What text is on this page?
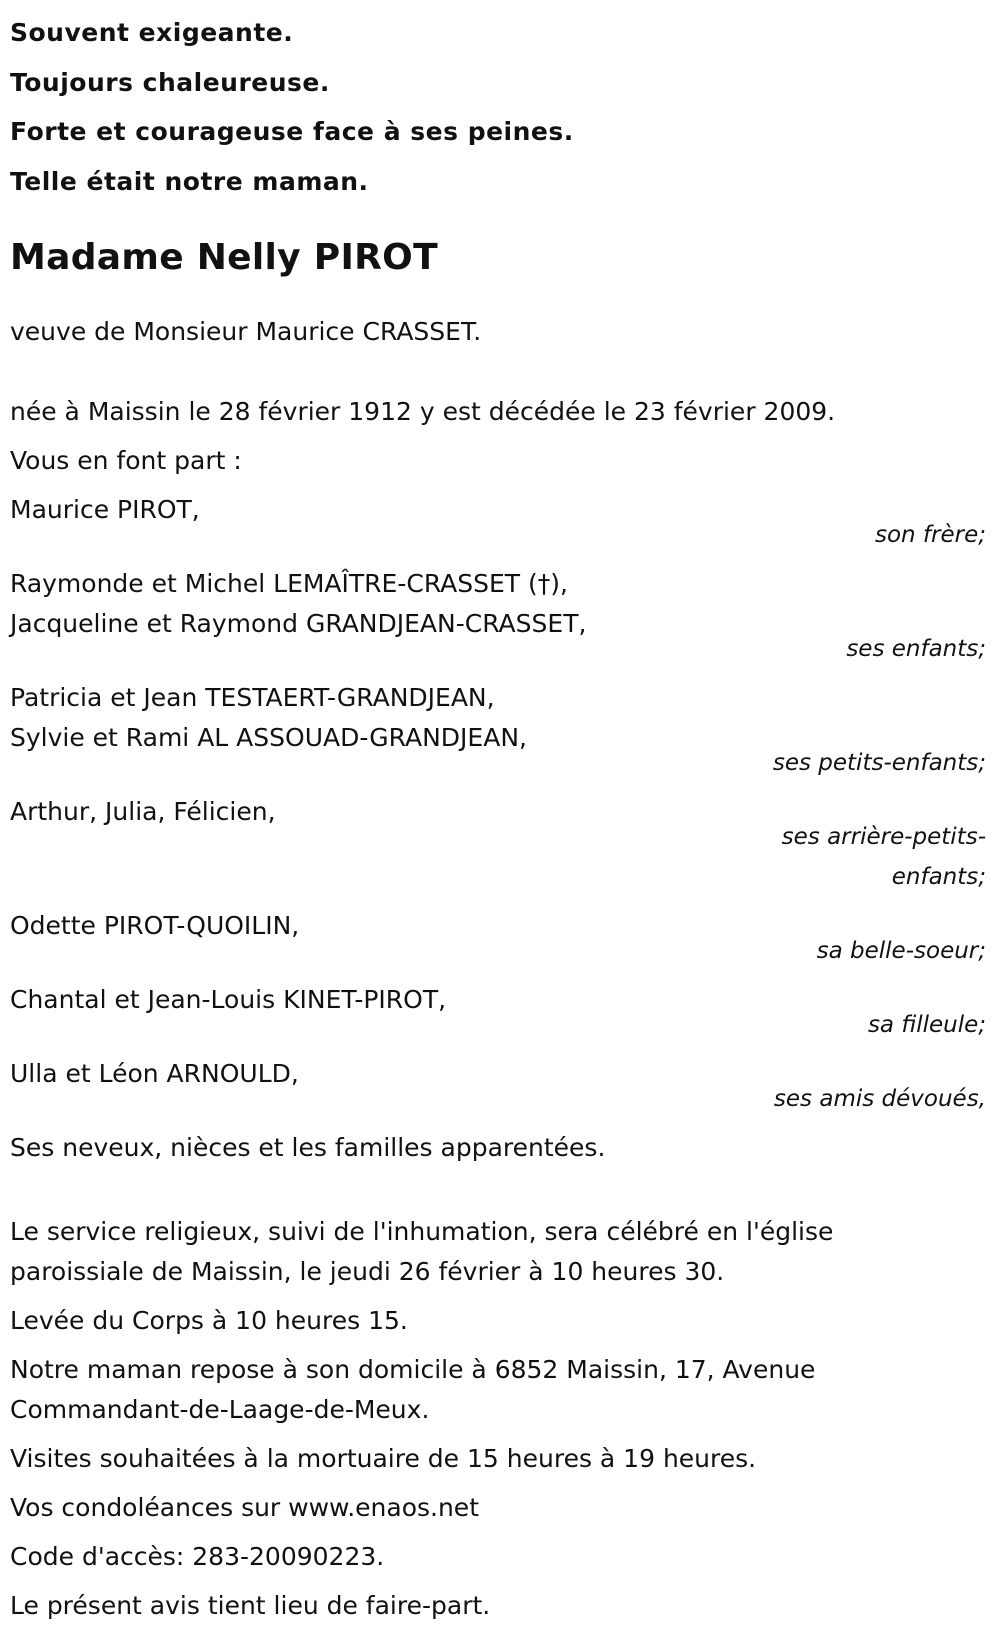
Souvent exigeante.

Toujours chaleureuse.

Forte et courageuse face à ses peines.

Telle était notre maman.

Madame Nelly PIROT

veuve de Monsieur Maurice CRASSET.

née à Maissin le 28 février 1912 y est décédée le 23 février 2009.

Vous en font part :

Maurice PIROT,
son frère;
Raymonde et Michel LEMAÎTRE-CRASSET (†),
Jacqueline et Raymond GRANDJEAN-CRASSET,
ses enfants;
Patricia et Jean TESTAERT-GRANDJEAN,
Sylvie et Rami AL ASSOUAD-GRANDJEAN,
ses petits-enfants;
Arthur, Julia, Félicien,
ses arrière-petits-
enfants;
Odette PIROT-QUOILIN,
sa belle-soeur;
Chantal et Jean-Louis KINET-PIROT,
sa filleule;
Ulla et Léon ARNOULD,
ses amis dévoués,

Ses neveux, nièces et les familles apparentées.

Le service religieux, suivi de l'inhumation, sera célébré en l'église

paroissiale de Maissin, le jeudi 26 février à 10 heures 30.

Levée du Corps à 10 heures 15.

Notre maman repose à son domicile à 6852 Maissin, 17, Avenue

Commandant-de-Laage-de-Meux.

Visites souhaitées à la mortuaire de 15 heures à 19 heures.

Vos condoléances sur www.enaos.net

Code d'accès: 283-20090223.

Le présent avis tient lieu de faire-part.
